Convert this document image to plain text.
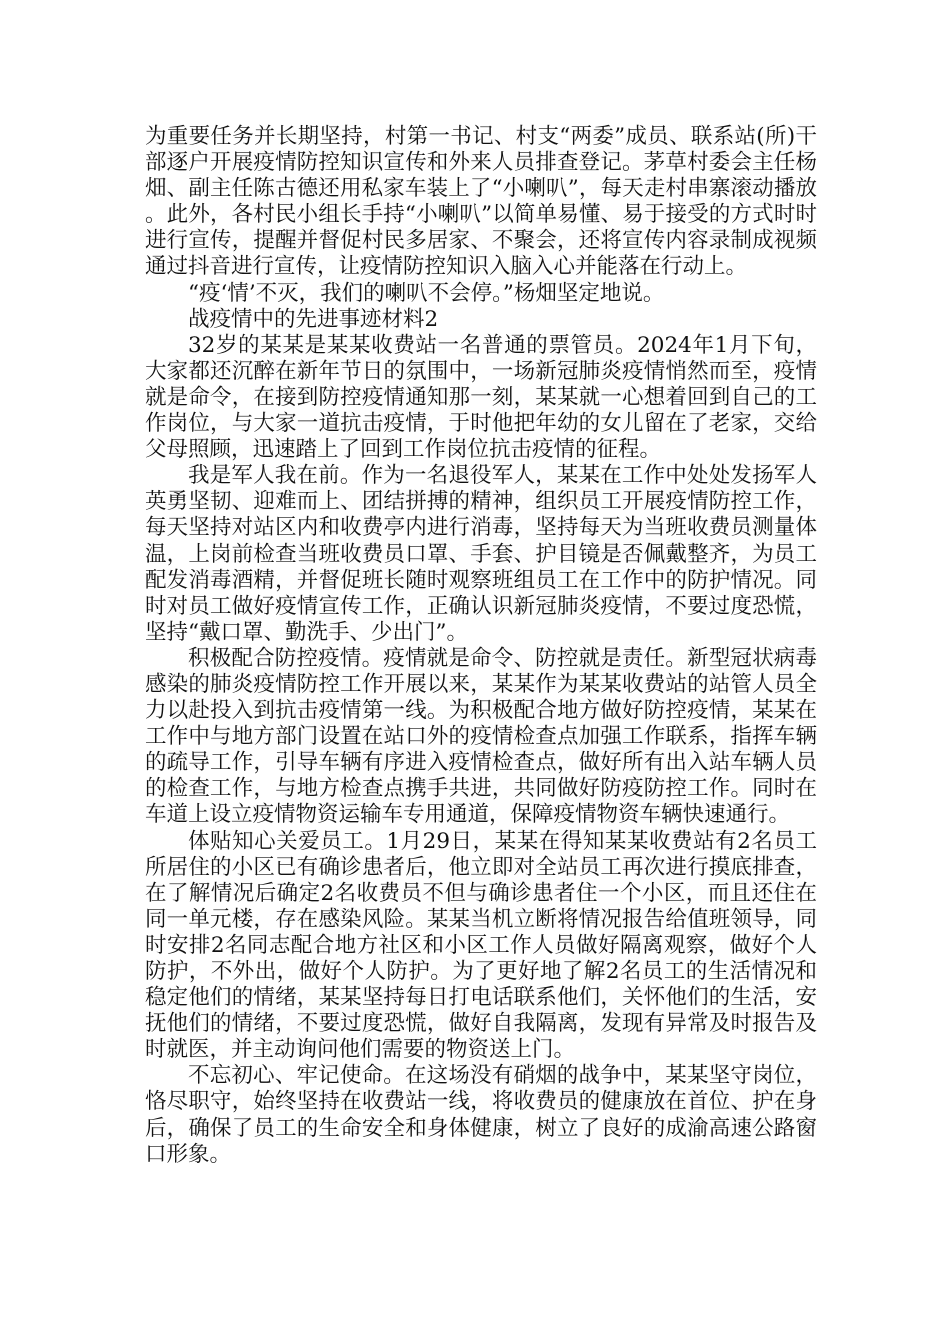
为重要任务并长期坚持，村第一书记、村支“两委”成员、联系站(所)干部逐户开展疫情防控知识宣传和外来人员排查登记。茅草村委会主任杨畑、副主任陈古德还用私家车装上了“小喇叭”，每天走村串寨滚动播放。此外，各村民小组长手持“小喇叭”以简单易懂、易于接受的方式时时进行宣传，提醒并督促村民多居家、不聚会，还将宣传内容录制成视频通过抖音进行宣传，让疫情防控知识入脑入心并能落在行动上。

“疫‘情’不灭，我们的喇叭不会停。”杨畑坚定地说。

战疫情中的先进事迹材料2

32岁的某某是某某收费站一名普通的票管员。2024年1月下旬，大家都还沉醉在新年节日的氛围中，一场新冠肺炎疫情悄然而至，疫情就是命令，在接到防控疫情通知那一刻，某某就一心想着回到自己的工作岗位，与大家一道抗击疫情，于时他把年幼的女儿留在了老家，交给父母照顾，迅速踏上了回到工作岗位抗击疫情的征程。

我是军人我在前。作为一名退役军人，某某在工作中处处发扬军人英勇坚韧、迎难而上、团结拼搏的精神，组织员工开展疫情防控工作，每天坚持对站区内和收费亭内进行消毒，坚持每天为当班收费员测量体温，上岗前检查当班收费员口罩、手套、护目镜是否佩戴整齐，为员工配发消毒酒精，并督促班长随时观察班组员工在工作中的防护情况。同时对员工做好疫情宣传工作，正确认识新冠肺炎疫情，不要过度恐慌，坚持“戴口罩、勤洗手、少出门”。

积极配合防控疫情。疫情就是命令、防控就是责任。新型冠状病毒感染的肺炎疫情防控工作开展以来，某某作为某某收费站的站管人员全力以赴投入到抗击疫情第一线。为积极配合地方做好防控疫情，某某在工作中与地方部门设置在站口外的疫情检查点加强工作联系，指挥车辆的疏导工作，引导车辆有序进入疫情检查点，做好所有出入站车辆人员的检查工作，与地方检查点携手共进，共同做好防疫防控工作。同时在车道上设立疫情物资运输车专用通道，保障疫情物资车辆快速通行。

体贴知心关爱员工。1月29日，某某在得知某某收费站有2名员工所居住的小区已有确诊患者后，他立即对全站员工再次进行摸底排查，在了解情况后确定2名收费员不但与确诊患者住一个小区，而且还住在同一单元楼，存在感染风险。某某当机立断将情况报告给值班领导，同时安排2名同志配合地方社区和小区工作人员做好隔离观察，做好个人防护，不外出，做好个人防护。为了更好地了解2名员工的生活情况和稳定他们的情绪，某某坚持每日打电话联系他们，关怀他们的生活，安抚他们的情绪，不要过度恐慌，做好自我隔离，发现有异常及时报告及时就医，并主动询问他们需要的物资送上门。

不忘初心、牢记使命。在这场没有硝烟的战争中，某某坚守岗位，恪尽职守，始终坚持在收费站一线，将收费员的健康放在首位、护在身后，确保了员工的生命安全和身体健康，树立了良好的成渝高速公路窗口形象。
